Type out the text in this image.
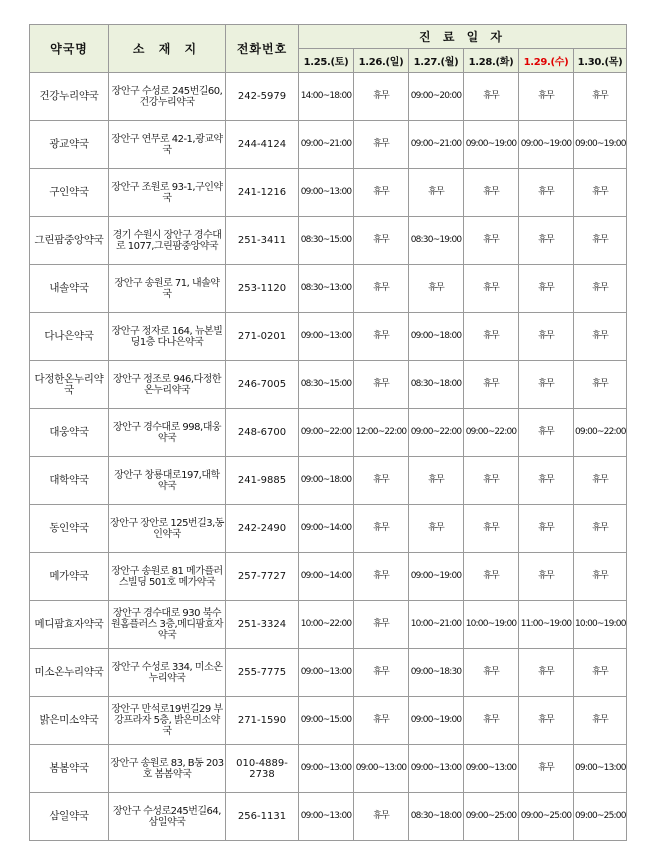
약국명	소 재 지	전화번호	진 료 일 자					
			1.25.(토)	1.26.(일)	1.27.(월)	1.28.(화)	1.29.(수)	1.30.(목)
건강누리약국	장안구 수성로 245번길60, 건강누리약국	242-5979	14:00~18:00	휴무	09:00~20:00	휴무	휴무	휴무
광교약국	장안구 연무로 42-1,광교약국	244-4124	09:00~21:00	휴무	09:00~21:00	09:00~19:00	09:00~19:00	09:00~19:00
구인약국	장안구 조원로 93-1,구인약국	241-1216	09:00~13:00	휴무	휴무	휴무	휴무	휴무
그린팜중앙약국	경기 수원시 장안구 경수대로 1077,그린팜중앙약국	251-3411	08:30~15:00	휴무	08:30~19:00	휴무	휴무	휴무
내솔약국	장안구 송원로 71, 내솔약국	253-1120	08:30~13:00	휴무	휴무	휴무	휴무	휴무
다나은약국	장안구 정자로 164, 뉴본빌딩1층 다나은약국	271-0201	09:00~13:00	휴무	09:00~18:00	휴무	휴무	휴무
다정한온누리약국	장안구 정조로 946,다정한온누리약국	246-7005	08:30~15:00	휴무	08:30~18:00	휴무	휴무	휴무
대웅약국	장안구 경수대로 998,대웅약국	248-6700	09:00~22:00	12:00~22:00	09:00~22:00	09:00~22:00	휴무	09:00~22:00
대학약국	장안구 창룡대로197,대학약국	241-9885	09:00~18:00	휴무	휴무	휴무	휴무	휴무
동인약국	장안구 장안로 125번길3,동인약국	242-2490	09:00~14:00	휴무	휴무	휴무	휴무	휴무
메가약국	장안구 송원로 81 메가플러스빌딩 501호 메가약국	257-7727	09:00~14:00	휴무	09:00~19:00	휴무	휴무	휴무
메디팜효자약국	장안구 경수대로 930 북수원홈플러스 3층,메디팜효자약국	251-3324	10:00~22:00	휴무	10:00~21:00	10:00~19:00	11:00~19:00	10:00~19:00
미소온누리약국	장안구 수성로 334, 미소온누리약국	255-7775	09:00~13:00	휴무	09:00~18:30	휴무	휴무	휴무
밝은미소약국	장안구 만석로19번길29 부강프라자 5층, 밝은미소약국	271-1590	09:00~15:00	휴무	09:00~19:00	휴무	휴무	휴무
봄봄약국	장안구 송원로 83, B동 203호 봄봄약국	010-4889-2738	09:00~13:00	09:00~13:00	09:00~13:00	09:00~13:00	휴무	09:00~13:00
삼일약국	장안구 수성로245번길64, 삼일약국	256-1131	09:00~13:00	휴무	08:30~18:00	09:00~25:00	09:00~25:00	09:00~25:00
